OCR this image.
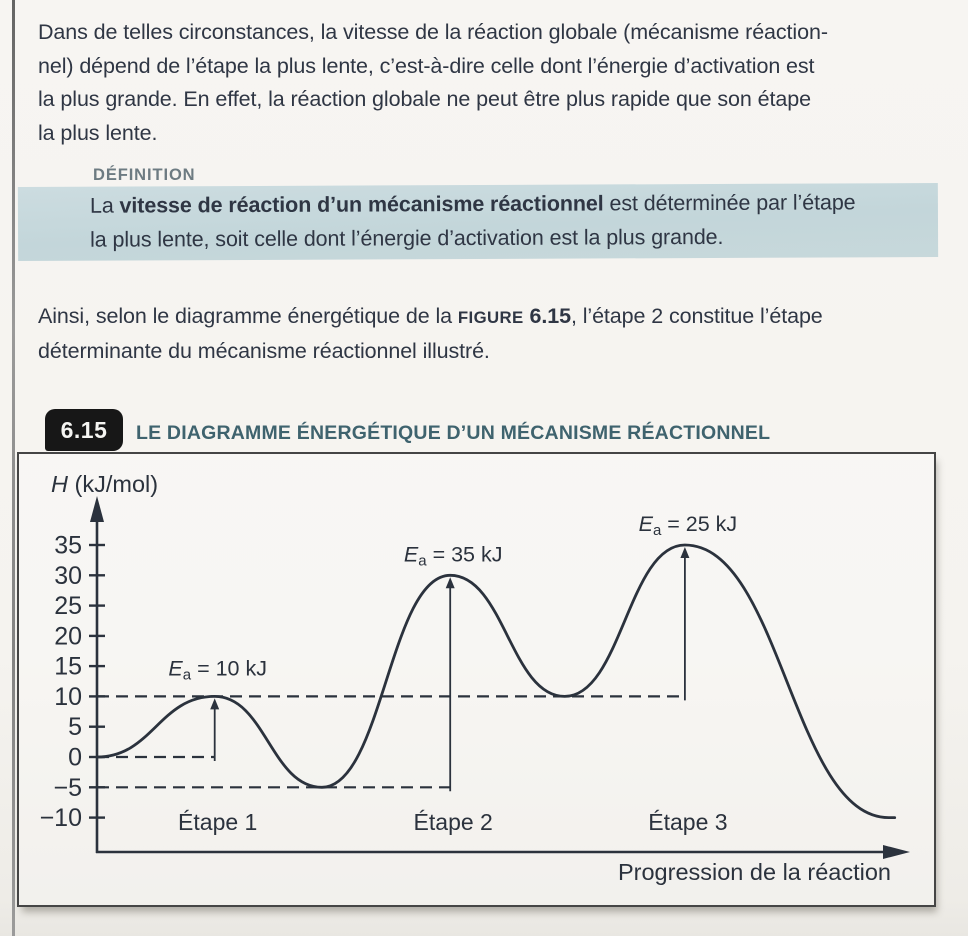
Dans de telles circonstances, la vitesse de la réaction globale (mécanisme réaction-
nel) dépend de l’étape la plus lente, c’est-à-dire celle dont l’énergie d’activation est
la plus grande. En effet, la réaction globale ne peut être plus rapide que son étape
la plus lente.

DÉFINITION

La vitesse de réaction d’un mécanisme réactionnel est déterminée par l’étape
la plus lente, soit celle dont l’énergie d’activation est la plus grande.

Ainsi, selon le diagramme énergétique de la FIGURE 6.15, l’étape 2 constitue l’étape
déterminante du mécanisme réactionnel illustré.

6.15	LE DIAGRAMME ÉNERGÉTIQUE D’UN MÉCANISME RÉACTIONNEL
Ea = 10 kJ
Étape 1
Ea = 35 kJ
Étape 2
Ea = 25 kJ
Étape 3
35
30
25
20
15
10
5
0
−5
−10
H (kJ/mol)
Progression de la réaction
